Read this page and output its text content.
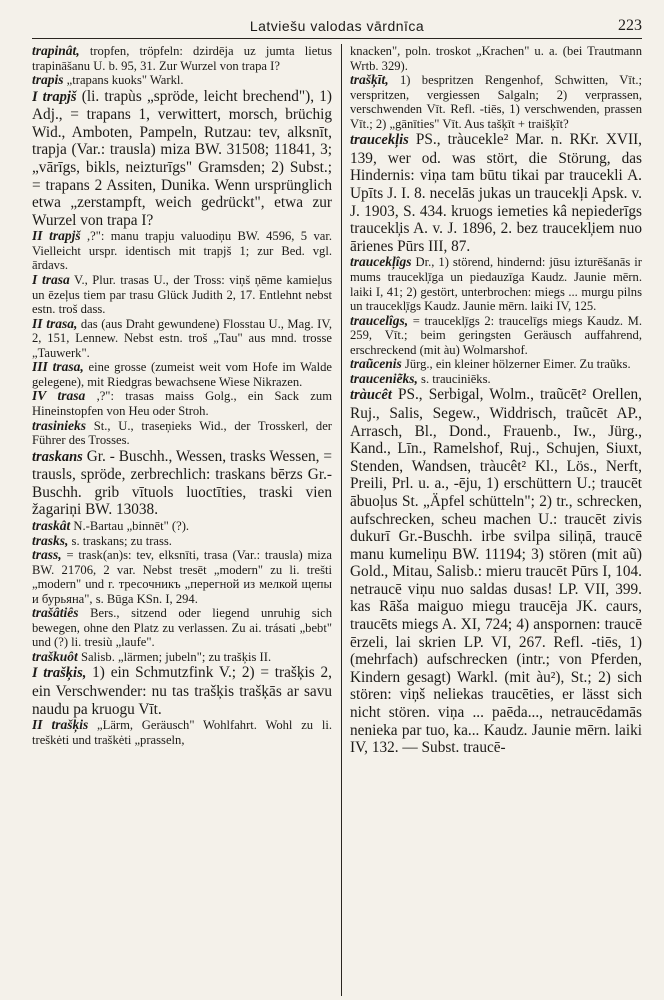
Latviešu valodas vārdnīca	223

trapinât, tropfen, tröpfeln: dzirdēja uz jumta lietus trapināšanu U. b. 95, 31. Zur Wurzel von trapa I?

trapis „trapans kuoks" Warkl.

I trapjš (li. trapùs „spröde, leicht brechend"), 1) Adj., = trapans 1, verwittert, morsch, brüchig Wid., Amboten, Pampeln, Rutzau: tev, alksnīt, trapja (Var.: trausla) miza BW. 31508; 11841, 3; „vārīgs, bikls, neizturīgs" Gramsden; 2) Subst.; = trapans 2 Assiten, Dunika. Wenn ursprünglich etwa „zerstampft, weich gedrückt", etwa zur Wurzel von trapa I?

II trapjš ,?": manu trapju valuodiņu BW. 4596, 5 var. Vielleicht urspr. identisch mit trapjš 1; zur Bed. vgl. ārdavs.

I trasa V., Plur. trasas U., der Tross: viņš ņēme kamieļus un ēzeļus tiem par trasu Glück Judith 2, 17. Entlehnt nebst estn. troš dass.

II trasa, das (aus Draht gewundene) Flosstau U., Mag. IV, 2, 151, Lennew. Nebst estn. troš „Tau" aus mnd. trosse „Tauwerk".

III trasa, eine grosse (zumeist weit vom Hofe im Walde gelegene), mit Riedgras bewachsene Wiese Nikrazen.

IV trasa ,?": trasas maiss Golg., ein Sack zum Hineinstopfen von Heu oder Stroh.

trasinieks St., U., traseņieks Wid., der Trosskerl, der Führer des Trosses.

traskans Gr. - Buschh., Wessen, trasks Wessen, = trausls, spröde, zerbrechlich: traskans bērzs Gr.-Buschh. grib vītuols luoctīties, traski vien žagariņi BW. 13038.

traskât N.-Bartau „binnēt" (?).

trasks, s. traskans; zu trass.

trass, = trask(an)s: tev, elksnīti, trasa (Var.: trausla) miza BW. 21706, 2 var. Nebst tresēt „modern" zu li. trešti „modern" und r. тресочникъ „перегной из мелкой щепы и бурьяна", s. Būga KSn. I, 294.

trašâtiês Bers., sitzend oder liegend unruhig sich bewegen, ohne den Platz zu verlassen. Zu ai. trásati „bebt" und (?) li. tresiù „laufe".

traškuôt Salisb. „lärmen; jubeln"; zu trašķis II.

I trašķis, 1) ein Schmutzfink V.; 2) = trašķis 2, ein Verschwender: nu tas trašķis trašķās ar savu naudu pa kruogu Vīt.

II trašķis „Lärm, Geräusch" Wohlfahrt. Wohl zu li. treškėti und traškėti „prasseln,

knacken", poln. troskot „Krachen" u. a. (bei Trautmann Wrtb. 329).

trašķīt, 1) bespritzen Rengenhof, Schwitten, Vīt.; verspritzen, vergiessen Salgaln; 2) verprassen, verschwenden Vīt. Refl. -tiēs, 1) verschwenden, prassen Vīt.; 2) „gānīties" Vīt. Aus tašķīt + traišķīt?

traucekl̦is PS., tràucekle² Mar. n. RKr. XVII, 139, wer od. was stört, die Störung, das Hindernis: viņa tam būtu tikai par traucekli A. Upīts J. I. 8. necelās jukas un traucekļi Apsk. v. J. 1903, S. 434. kruogs iemeties kâ nepiederīgs traucekl̦is A. v. J. 1896, 2. bez traucekl̦iem nuo ārienes Pūrs III, 87.

traucekl̦îgs Dr., 1) störend, hindernd: jūsu izturēšanās ir mums traucekl̦īga un piedauzīga Kaudz. Jaunie mērn. laiki I, 41; 2) gestört, unterbrochen: miegs ... murgu pilns un traucekl̦īgs Kaudz. Jaunie mērn. laiki IV, 125.

traucelîgs, = traucekl̦īgs 2: traucelīgs miegs Kaudz. M. 259, Vīt.; beim geringsten Geräusch auffahrend, erschreckend (mit àu) Wolmarshof.

traũcenis Jürg., ein kleiner hölzerner Eimer. Zu traũks.

trauceniẽks, s. trauciniēks.

tràucêt PS., Serbigal, Wolm., traũcēt² Orellen, Ruj., Salis, Segew., Widdrisch, traũcēt AP., Arrasch, Bl., Dond., Frauenb., Iw., Jürg., Kand., Līn., Ramelshof, Ruj., Schujen, Siuxt, Stenden, Wandsen, tràucêt² Kl., Lös., Nerft, Preili, Prl. u. a., -ēju, 1) erschüttern U.; traucēt ābuoļus St. „Äpfel schütteln"; 2) tr., schrecken, aufschrecken, scheu machen U.: traucēt zivis dukurī Gr.-Buschh. irbe svilpa siliņā, traucē manu kumeliņu BW. 11194; 3) stören (mit aũ) Gold., Mitau, Salisb.: mieru traucēt Pūrs I, 104. netraucē viņu nuo saldas dusas! LP. VII, 399. kas Rāša maiguo miegu traucēja JK. caurs, traucēts miegs A. XI, 724; 4) anspornen: traucē ērzeli, lai skrien LP. VI, 267. Refl. -tiēs, 1) (mehrfach) aufschrecken (intr.; von Pferden, Kindern gesagt) Warkl. (mit àu²), St.; 2) sich stören: viņš neliekas traucēties, er lässt sich nicht stören. viņa ... paēda..., netraucēdamās nenieka par tuo, ka... Kaudz. Jaunie mērn. laiki IV, 132. — Subst. traucē-
